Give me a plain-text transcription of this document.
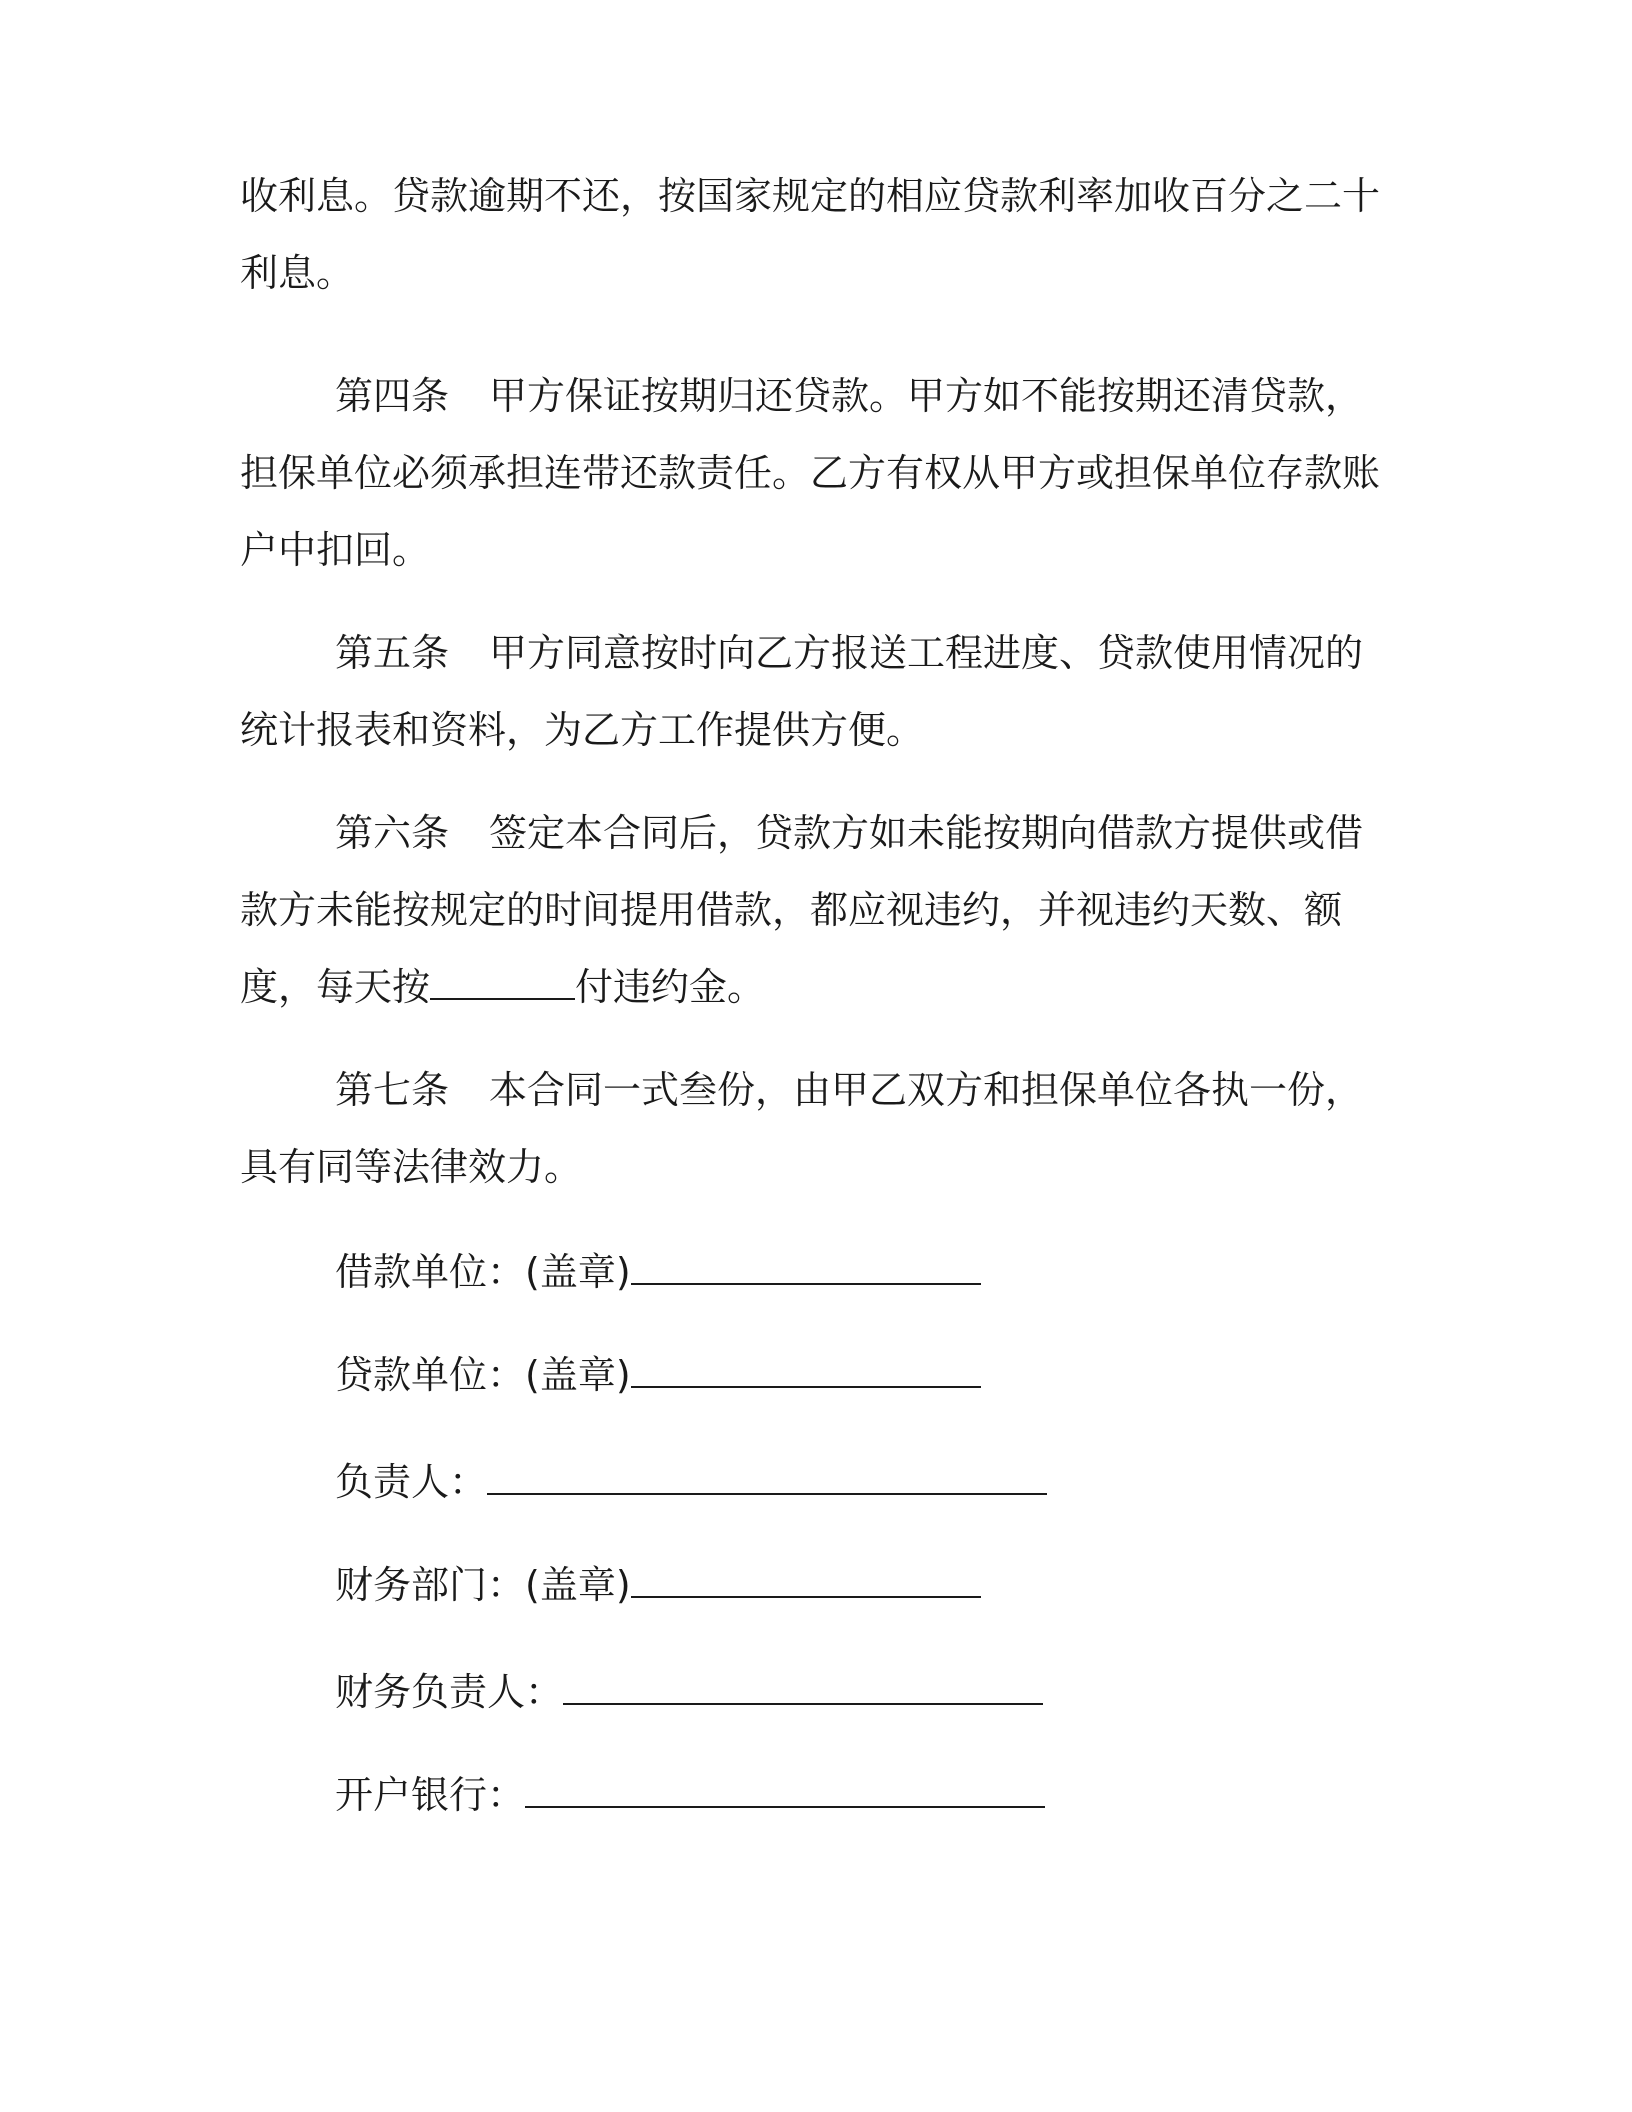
收利息。贷款逾期不还，按国家规定的相应贷款利率加收百分之二十利息。
第四条 甲方保证按期归还贷款。甲方如不能按期还清贷款，担保单位必须承担连带还款责任。乙方有权从甲方或担保单位存款账户中扣回。
第五条 甲方同意按时向乙方报送工程进度、贷款使用情况的统计报表和资料，为乙方工作提供方便。
第六条 签定本合同后，贷款方如未能按期向借款方提供或借款方未能按规定的时间提用借款，都应视违约，并视违约天数、额度，每天按	付违约金。
第七条 本合同一式叁份，由甲乙双方和担保单位各执一份，具有同等法律效力。
借款单位：(盖章)
贷款单位：(盖章)
负责人：
财务部门：(盖章)
财务负责人：
开户银行：
